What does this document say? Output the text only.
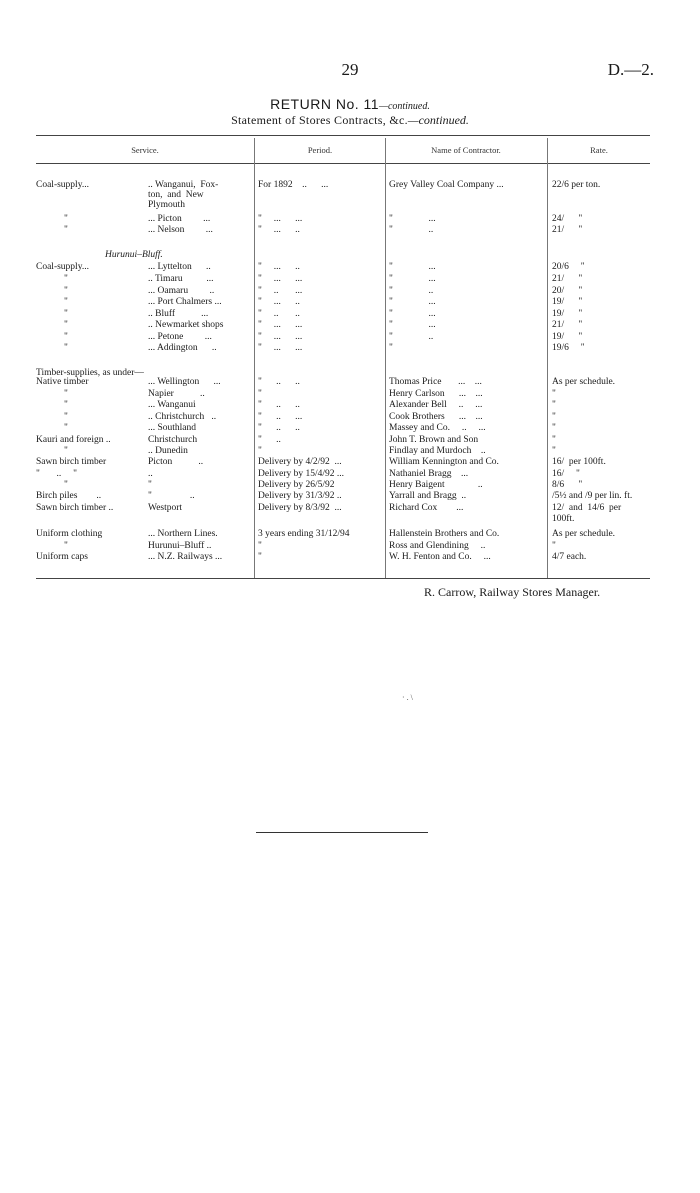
29	D.—2.
RETURN No. 11—continued.
Statement of Stores Contracts, &c.—continued.
Service.	Period.	Name of Contractor.	Rate.
Hurunui–Bluff.
Timber-supplies, as under—
Coal-supply...	.. Wanganui,  Fox-	For 1892    ..      ...	Grey Valley Coal Company ...	22/6 per ton.
ton,  and  New
Plymouth
"	... Picton         ...	"     ...      ...	"               ...	24/      "
"	... Nelson         ...	"     ...      ..	"               ..	21/      "
Coal-supply...	... Lyttelton      ..	"     ...      ..	"               ...	20/6     "
"	.. Timaru          ...	"     ...      ...	"               ...	21/      "
"	... Oamaru         ..	"     ..       ...	"               ..	20/      "
"	... Port Chalmers ...	"     ...      ..	"               ...	19/      "
"	.. Bluff           ...	"     ..       ..	"               ...	19/      "
"	.. Newmarket shops	"     ...      ...	"               ...	21/      "
"	... Petone         ...	"     ...      ...	"               ..	19/      "
"	... Addington      ..	"     ...      ...	"	19/6     "
Native timber	... Wellington      ...	"      ..      ..	Thomas Price       ...    ...	As per schedule.
"	Napier           ..	"	Henry Carlson      ...    ...	"
"	... Wanganui	"      ..      ..	Alexander Bell     ..     ...	"
"	.. Christchurch   ..	"      ..      ...	Cook Brothers      ...    ...	"
"	... Southland	"      ..      ..	Massey and Co.     ..     ...	"
Kauri and foreign ..	Christchurch	"      ..	John T. Brown and Son	"
"	.. Dunedin	"	Findlay and Murdoch    ..	"
Sawn birch timber	Picton           ..	Delivery by 4/2/92  ...	William Kennington and Co.	16/  per 100ft.
"       ..     "	..	Delivery by 15/4/92 ...	Nathaniel Bragg    ...	16/     "
"	"	Delivery by 26/5/92	Henry Baigent              ..	8/6      "
Birch piles        ..	"                ..	Delivery by 31/3/92 ..	Yarrall and Bragg  ..	/5½ and /9 per lin. ft.
Sawn birch timber ..	Westport	Delivery by 8/3/92  ...	Richard Cox        ...	12/  and  14/6  per
100ft.
Uniform clothing	... Northern Lines.	3 years ending 31/12/94	Hallenstein Brothers and Co.	As per schedule.
"	Hurunui–Bluff ..	"	Ross and Glendining     ..	"
Uniform caps	... N.Z. Railways ...	"	W. H. Fenton and Co.     ...	4/7 each.
R. Carrow, Railway Stores Manager.
· . \
